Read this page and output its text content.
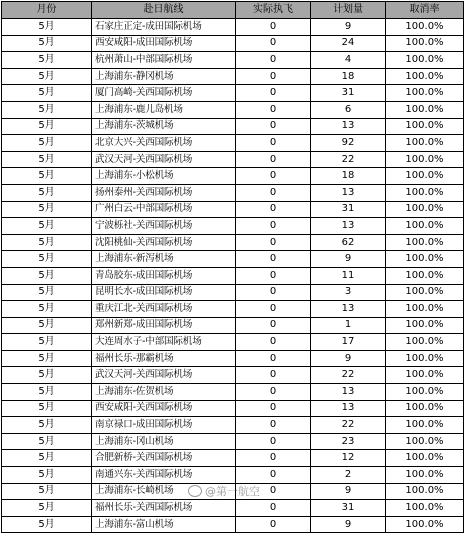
月份	赴日航线	实际执飞	计划量	取消率
5月	石家庄正定-成田国际机场	0	9	100.0%
5月	西安咸阳-成田国际机场	0	24	100.0%
5月	杭州萧山-中部国际机场	0	4	100.0%
5月	上海浦东-静冈机场	0	18	100.0%
5月	厦门高崎-关西国际机场	0	31	100.0%
5月	上海浦东-鹿儿岛机场	0	6	100.0%
5月	上海浦东-茨城机场	0	13	100.0%
5月	北京大兴-关西国际机场	0	92	100.0%
5月	武汉天河-关西国际机场	0	22	100.0%
5月	上海浦东-小松机场	0	18	100.0%
5月	扬州泰州-关西国际机场	0	13	100.0%
5月	广州白云-中部国际机场	0	31	100.0%
5月	宁波栎社-关西国际机场	0	13	100.0%
5月	沈阳桃仙-关西国际机场	0	62	100.0%
5月	上海浦东-新泻机场	0	9	100.0%
5月	青岛胶东-成田国际机场	0	11	100.0%
5月	昆明长水-成田国际机场	0	3	100.0%
5月	重庆江北-关西国际机场	0	13	100.0%
5月	郑州新郑-成田国际机场	0	1	100.0%
5月	大连周水子-中部国际机场	0	17	100.0%
5月	福州长乐-那霸机场	0	9	100.0%
5月	武汉天河-关西国际机场	0	22	100.0%
5月	上海浦东-佐贺机场	0	13	100.0%
5月	西安咸阳-关西国际机场	0	13	100.0%
5月	南京禄口-成田国际机场	0	22	100.0%
5月	上海浦东-冈山机场	0	23	100.0%
5月	合肥新桥-关西国际机场	0	12	100.0%
5月	南通兴东-关西国际机场	0	2	100.0%
5月	上海浦东-长崎机场	0	9	100.0%
5月	福州长乐-关西国际机场	0	31	100.0%
5月	上海浦东-富山机场	0	9	100.0%
@第一航空
